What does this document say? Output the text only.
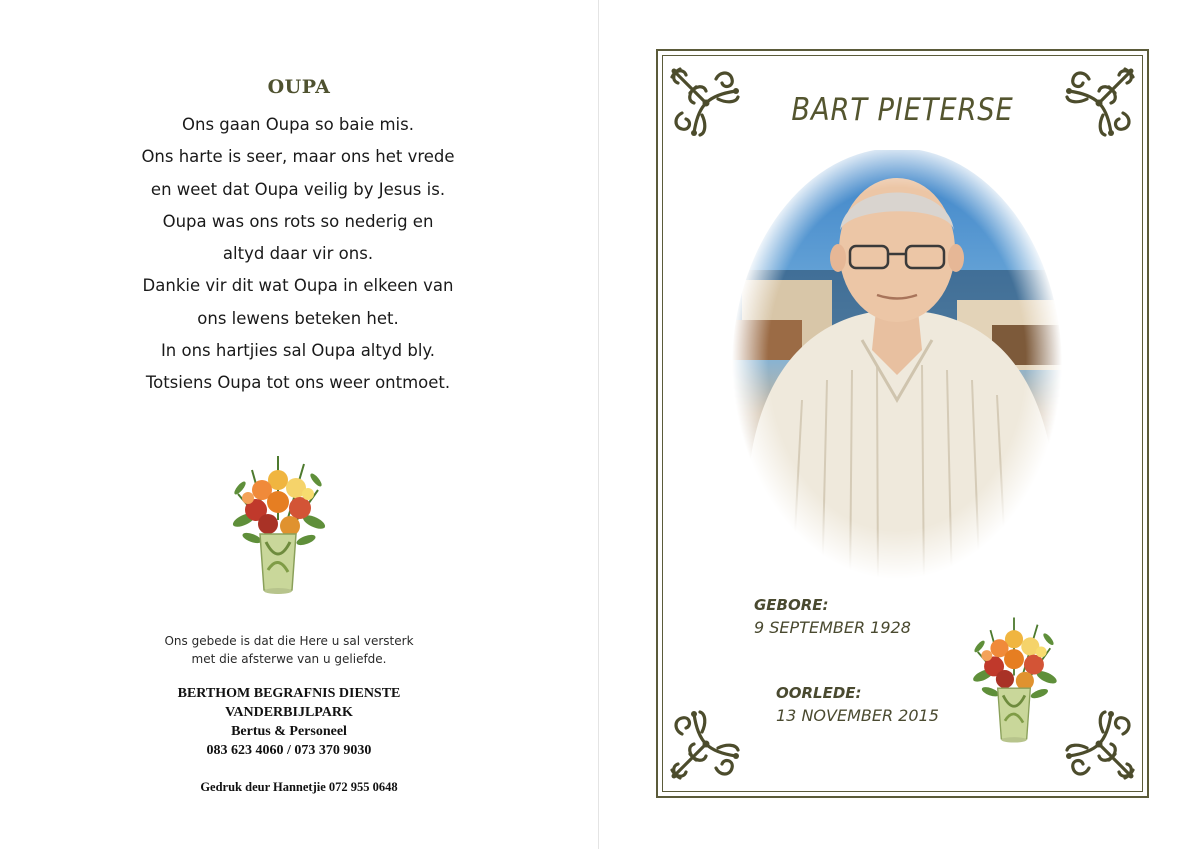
OUPA
Ons gaan Oupa so baie mis.
Ons harte is seer, maar ons het vrede
en weet dat Oupa veilig by Jesus is.
Oupa was ons rots so nederig en
altyd daar vir ons.
Dankie vir dit wat Oupa in elkeen van
ons lewens beteken het.
In ons hartjies sal Oupa altyd bly.
Totsiens Oupa tot ons weer ontmoet.
Ons gebede is dat die Here u sal versterk
met die afsterwe van u geliefde.
BERTHOM BEGRAFNIS DIENSTE
VANDERBIJLPARK
Bertus & Personeel
083 623 4060 / 073 370 9030
Gedruk deur Hannetjie 072 955 0648
BART PIETERSE
GEBORE:
9 SEPTEMBER 1928
OORLEDE:
13 NOVEMBER 2015
